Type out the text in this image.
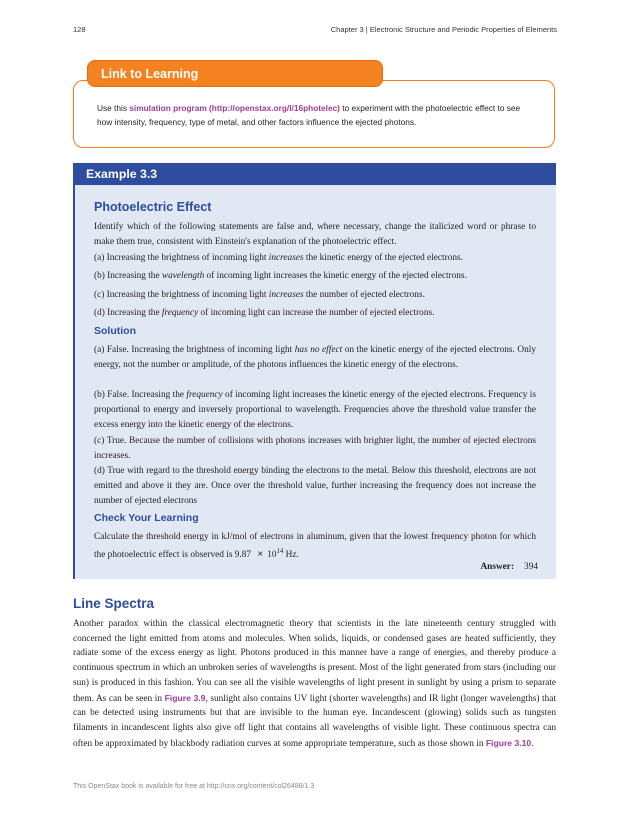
128	Chapter 3 | Electronic Structure and Periodic Properties of Elements
Link to Learning
Use this simulation program (http://openstax.org/l/16photelec) to experiment with the photoelectric effect to see how intensity, frequency, type of metal, and other factors influence the ejected photons.
Example 3.3
Photoelectric Effect
Identify which of the following statements are false and, where necessary, change the italicized word or phrase to make them true, consistent with Einstein's explanation of the photoelectric effect.
(a) Increasing the brightness of incoming light increases the kinetic energy of the ejected electrons.
(b) Increasing the wavelength of incoming light increases the kinetic energy of the ejected electrons.
(c) Increasing the brightness of incoming light increases the number of ejected electrons.
(d) Increasing the frequency of incoming light can increase the number of ejected electrons.
Solution
(a) False. Increasing the brightness of incoming light has no effect on the kinetic energy of the ejected electrons. Only energy, not the number or amplitude, of the photons influences the kinetic energy of the electrons.
(b) False. Increasing the frequency of incoming light increases the kinetic energy of the ejected electrons. Frequency is proportional to energy and inversely proportional to wavelength. Frequencies above the threshold value transfer the excess energy into the kinetic energy of the electrons.
(c) True. Because the number of collisions with photons increases with brighter light, the number of ejected electrons increases.
(d) True with regard to the threshold energy binding the electrons to the metal. Below this threshold, electrons are not emitted and above it they are. Once over the threshold value, further increasing the frequency does not increase the number of ejected electrons
Check Your Learning
Calculate the threshold energy in kJ/mol of electrons in aluminum, given that the lowest frequency photon for which the photoelectric effect is observed is $9.87 \times 10^{14}$ Hz.
Answer: 394
Line Spectra
Another paradox within the classical electromagnetic theory that scientists in the late nineteenth century struggled with concerned the light emitted from atoms and molecules. When solids, liquids, or condensed gases are heated sufficiently, they radiate some of the excess energy as light. Photons produced in this manner have a range of energies, and thereby produce a continuous spectrum in which an unbroken series of wavelengths is present. Most of the light generated from stars (including our sun) is produced in this fashion. You can see all the visible wavelengths of light present in sunlight by using a prism to separate them. As can be seen in Figure 3.9, sunlight also contains UV light (shorter wavelengths) and IR light (longer wavelengths) that can be detected using instruments but that are invisible to the human eye. Incandescent (glowing) solids such as tungsten filaments in incandescent lights also give off light that contains all wavelengths of visible light. These continuous spectra can often be approximated by blackbody radiation curves at some appropriate temperature, such as those shown in Figure 3.10.
This OpenStax book is available for free at http://cnx.org/content/col26488/1.3
